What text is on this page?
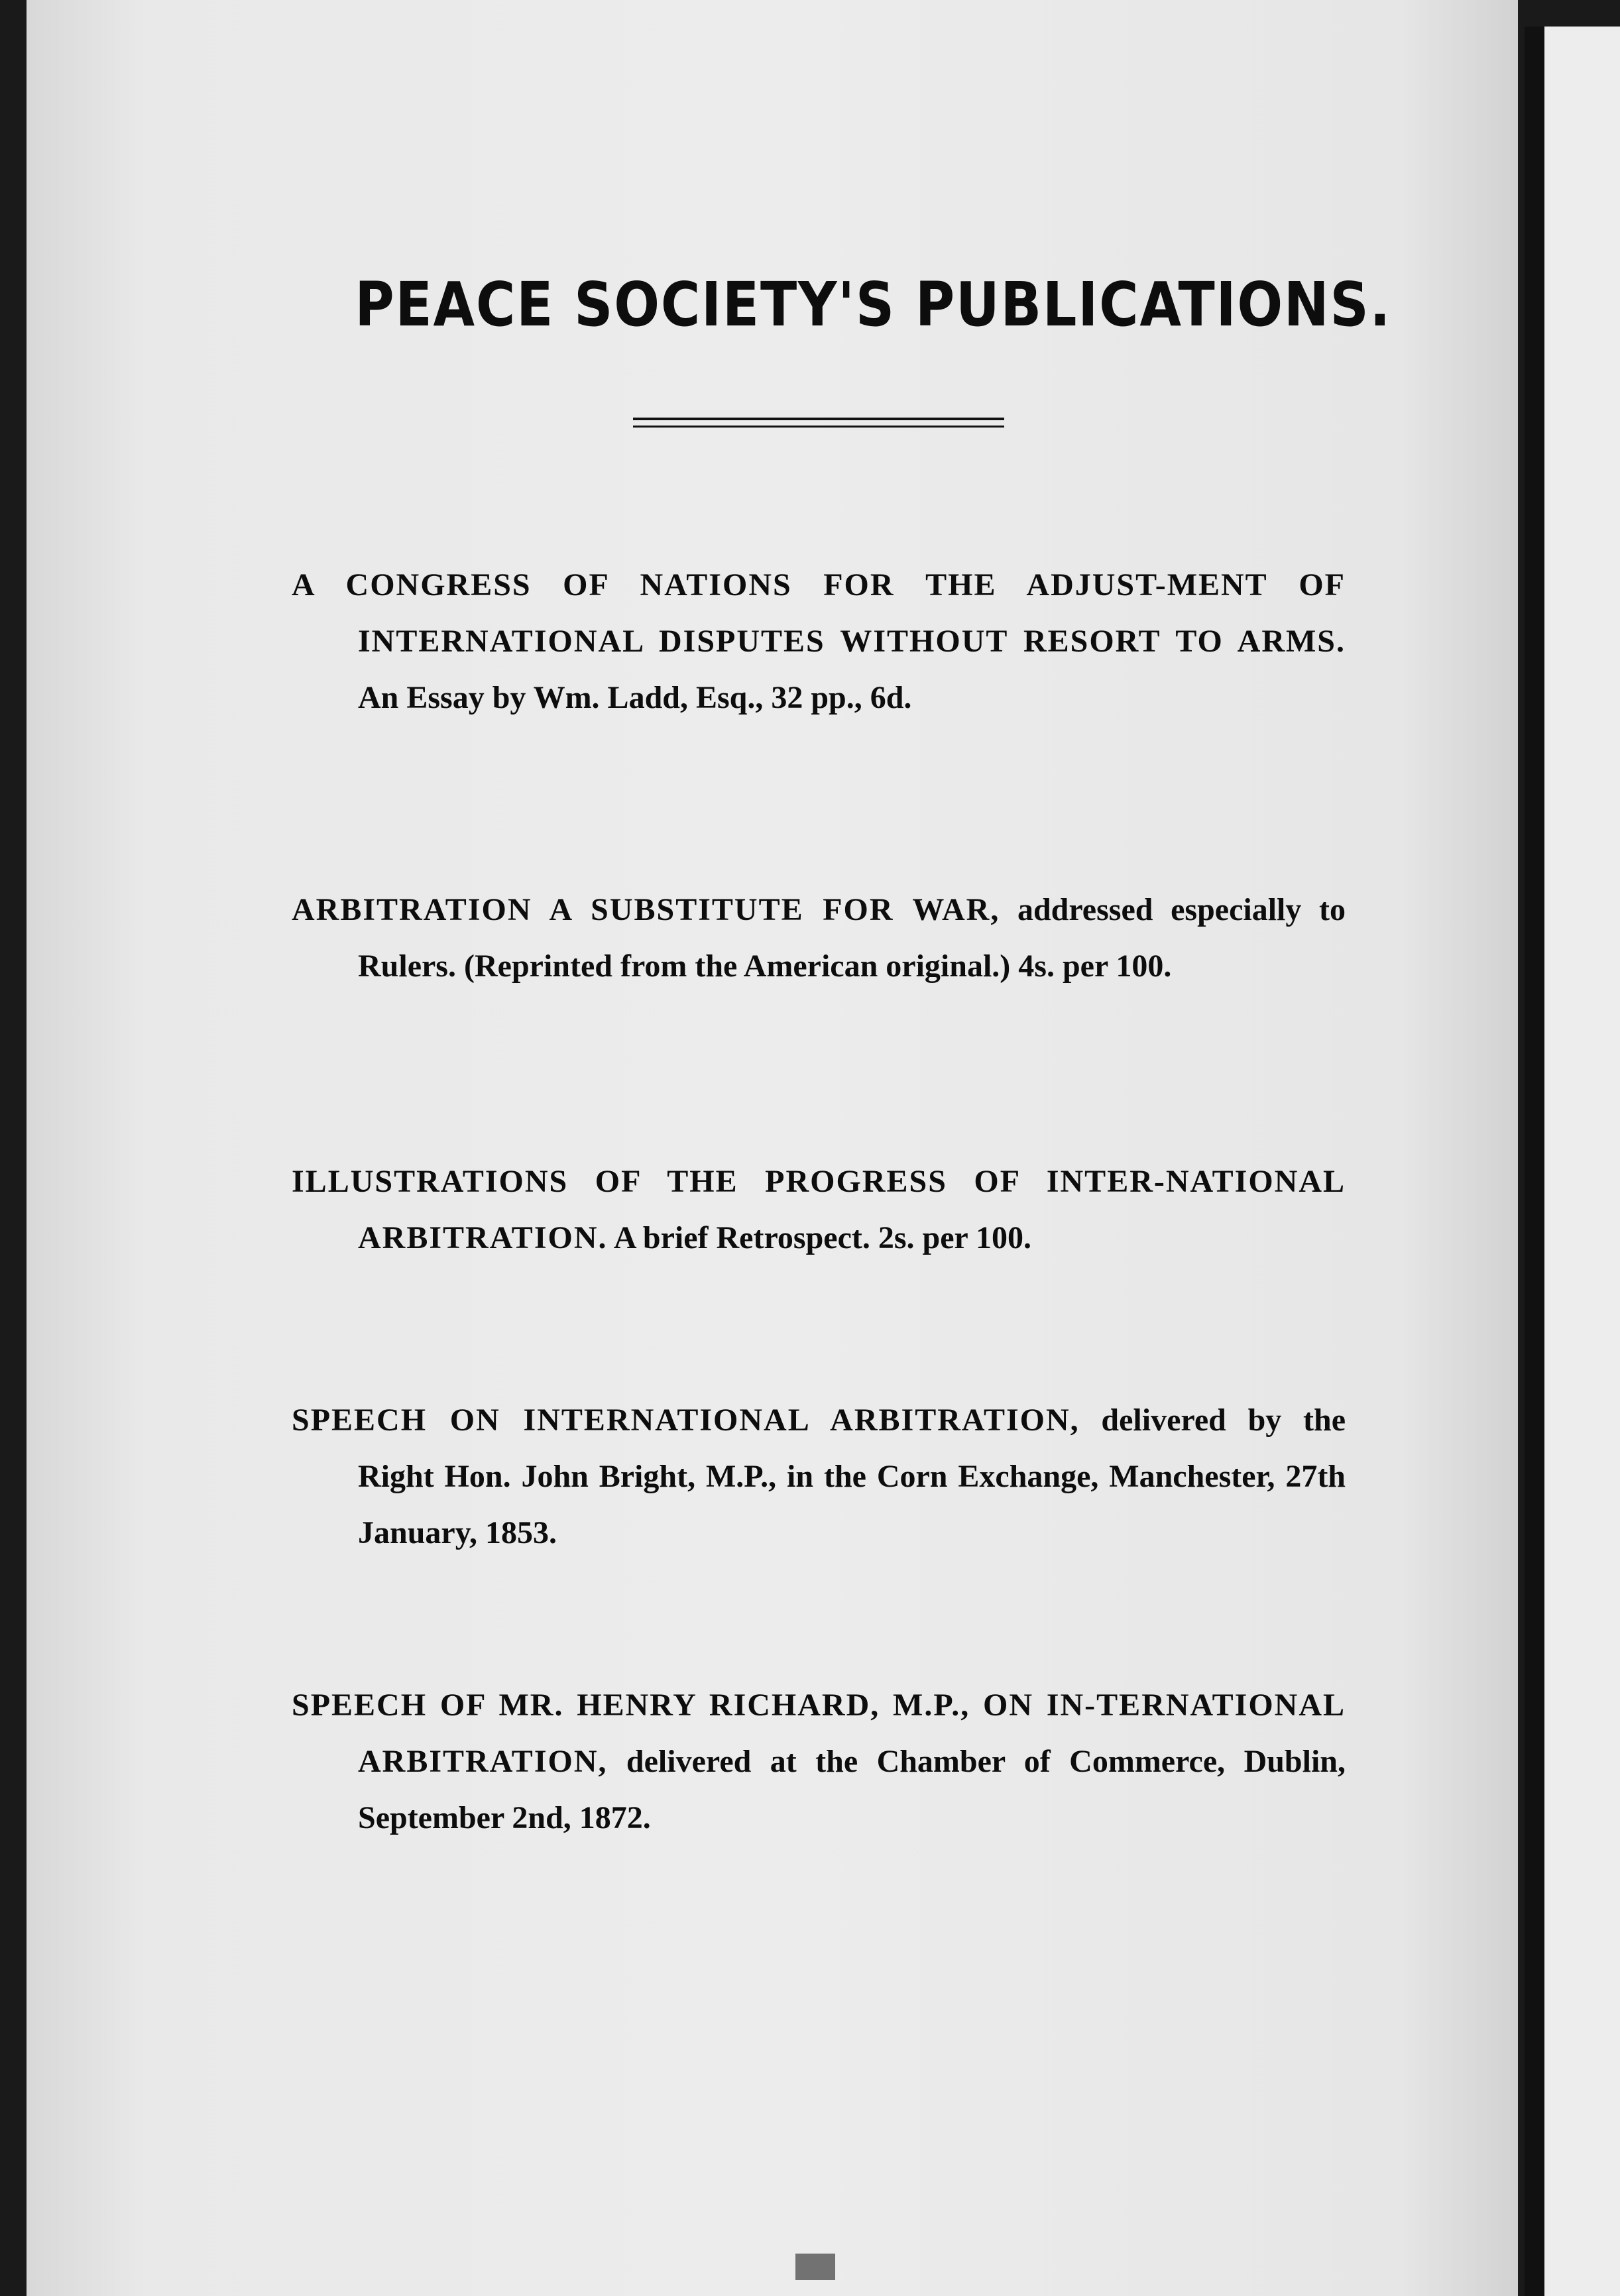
PEACE SOCIETY'S PUBLICATIONS.
A CONGRESS OF NATIONS FOR THE ADJUST-MENT OF INTERNATIONAL DISPUTES WITHOUT RESORT TO ARMS. An Essay by Wm. Ladd, Esq., 32 pp., 6d.
ARBITRATION A SUBSTITUTE FOR WAR, addressed especially to Rulers. (Reprinted from the American original.) 4s. per 100.
ILLUSTRATIONS OF THE PROGRESS OF INTER-NATIONAL ARBITRATION. A brief Retrospect. 2s. per 100.
SPEECH ON INTERNATIONAL ARBITRATION, delivered by the Right Hon. John Bright, M.P., in the Corn Exchange, Manchester, 27th January, 1853.
SPEECH OF MR. HENRY RICHARD, M.P., ON IN-TERNATIONAL ARBITRATION, delivered at the Chamber of Commerce, Dublin, September 2nd, 1872.
